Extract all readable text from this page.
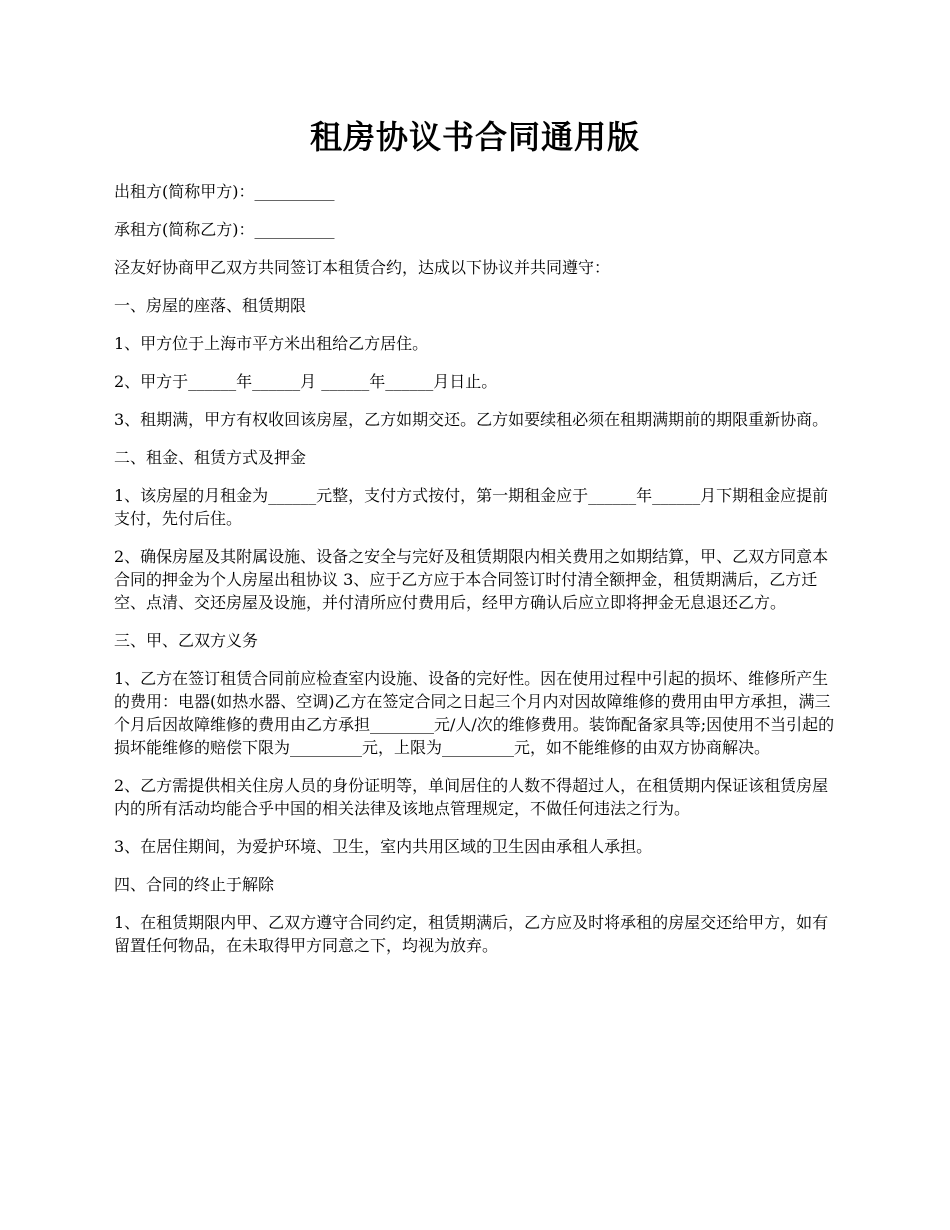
租房协议书合同通用版

出租方(简称甲方)：__________

承租方(简称乙方)：__________

泾友好协商甲乙双方共同签订本租赁合约，达成以下协议并共同遵守：

一、房屋的座落、租赁期限

1、甲方位于上海市平方米出租给乙方居住。

2、甲方于______年______月 ______年______月日止。

3、租期满，甲方有权收回该房屋，乙方如期交还。乙方如要续租必须在租期满期前的期限重新协商。

二、租金、租赁方式及押金

1、该房屋的月租金为______元整，支付方式按付，第一期租金应于______年______月下期租金应提前支付，先付后住。

2、确保房屋及其附属设施、设备之安全与完好及租赁期限内相关费用之如期结算，甲、乙双方同意本合同的押金为个人房屋出租协议 3、应于乙方应于本合同签订时付清全额押金，租赁期满后，乙方迁空、点清、交还房屋及设施，并付清所应付费用后，经甲方确认后应立即将押金无息退还乙方。

三、甲、乙双方义务

1、乙方在签订租赁合同前应检查室内设施、设备的完好性。因在使用过程中引起的损坏、维修所产生的费用：电器(如热水器、空调)乙方在签定合同之日起三个月内对因故障维修的费用由甲方承担，满三个月后因故障维修的费用由乙方承担________元/人/次的维修费用。装饰配备家具等;因使用不当引起的损坏能维修的赔偿下限为_________元，上限为_________元，如不能维修的由双方协商解决。

2、乙方需提供相关住房人员的身份证明等，单间居住的人数不得超过人，在租赁期内保证该租赁房屋内的所有活动均能合乎中国的相关法律及该地点管理规定，不做任何违法之行为。

3、在居住期间，为爱护环境、卫生，室内共用区域的卫生因由承租人承担。

四、合同的终止于解除

1、在租赁期限内甲、乙双方遵守合同约定，租赁期满后，乙方应及时将承租的房屋交还给甲方，如有留置任何物品，在未取得甲方同意之下，均视为放弃。
